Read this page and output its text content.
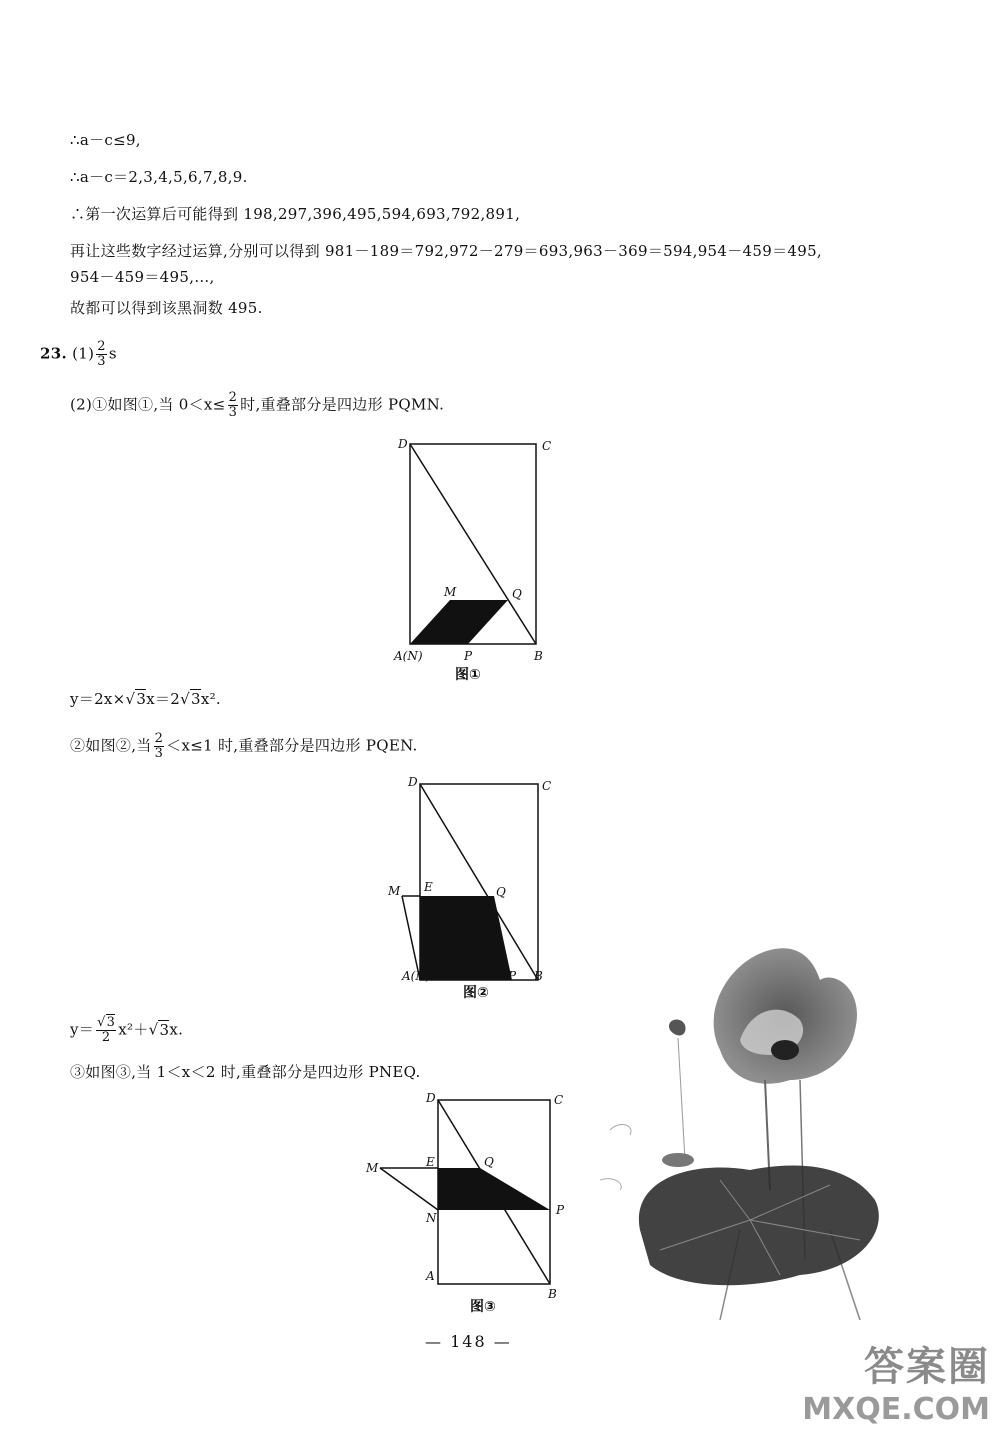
∴a－c≤9,
∴a－c＝2,3,4,5,6,7,8,9.
∴第一次运算后可能得到 198,297,396,495,594,693,792,891,
再让这些数字经过运算,分别可以得到 981－189＝792,972－279＝693,963－369＝594,954－459＝495,
954－459＝495,…,
故都可以得到该黑洞数 495.
23. $(1) \frac{2}{3}$ s
(2)①如图①,当 $0<x\le \frac{2}{3}$ 时,重叠部分是四边形 PQMN.
D	C
M	Q
A(N)	P	B
图①
y＝2x×√3x＝2√3x².
②如图②,当 $\frac{2}{3} <x\le 1$ 时,重叠部分是四边形 PQEN.
D	C
M E	Q
A(N)	P B
图②
$y= \frac{√3}{2} x^2+√3x$.
③如图③,当 1＜x＜2 时,重叠部分是四边形 PNEQ.
D	C
M	E	Q
N
P
A
B
图③
— 148 —
答案圈
MXQE.COM
